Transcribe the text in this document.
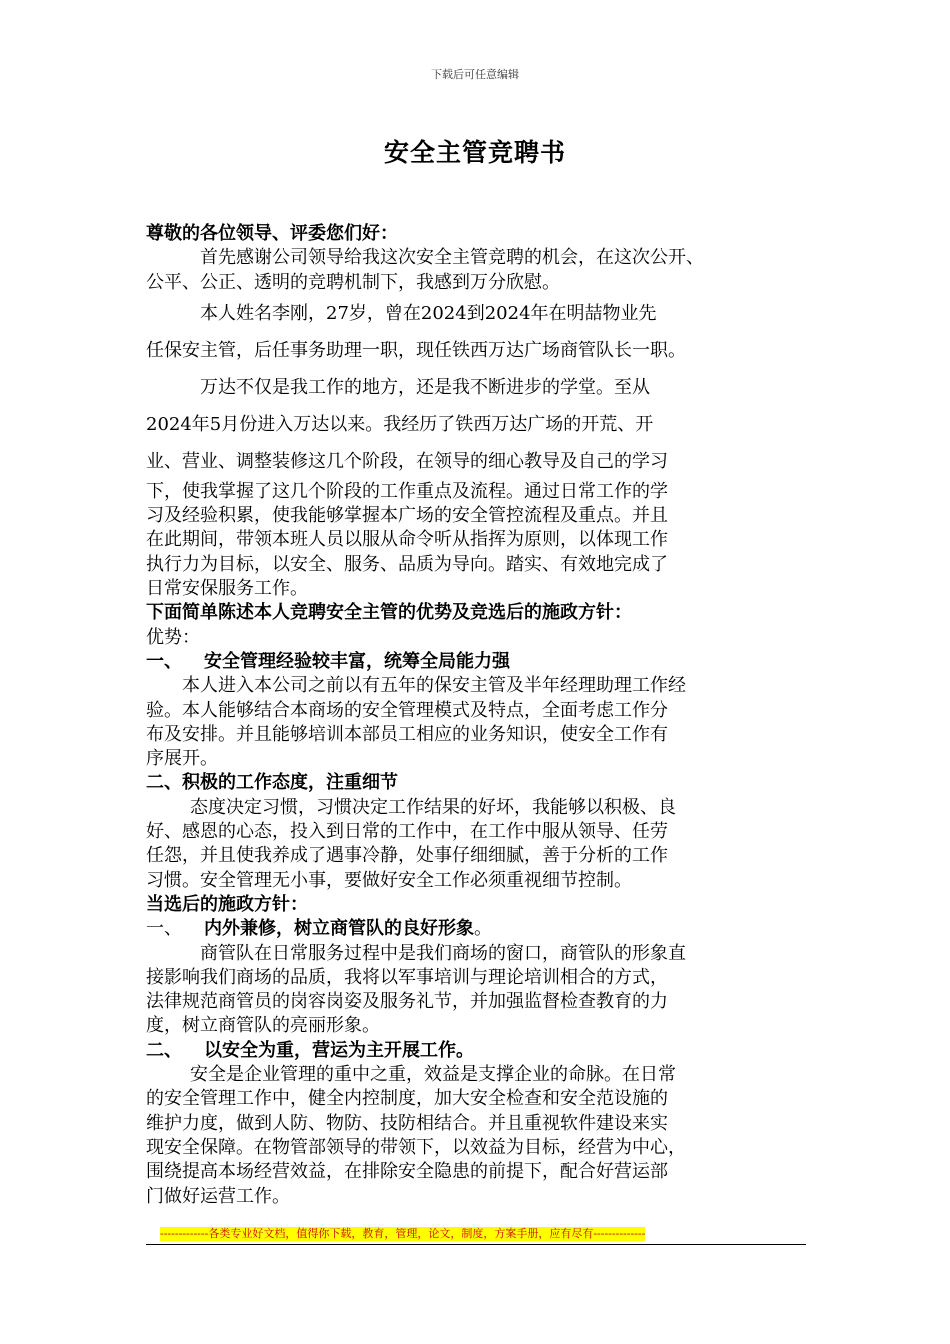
下载后可任意编辑
安全主管竞聘书
尊敬的各位领导、评委您们好：
首先感谢公司领导给我这次安全主管竞聘的机会，在这次公开、
公平、公正、透明的竞聘机制下，我感到万分欣慰。
本人姓名李刚，27岁，曾在2024到2024年在明喆物业先
任保安主管，后任事务助理一职，现任铁西万达广场商管队长一职。
万达不仅是我工作的地方，还是我不断进步的学堂。至从
2024年5月份进入万达以来。我经历了铁西万达广场的开荒、开
业、营业、调整装修这几个阶段，在领导的细心教导及自己的学习
下，使我掌握了这几个阶段的工作重点及流程。通过日常工作的学
习及经验积累，使我能够掌握本广场的安全管控流程及重点。并且
在此期间，带领本班人员以服从命令听从指挥为原则，以体现工作
执行力为目标，以安全、服务、品质为导向。踏实、有效地完成了
日常安保服务工作。
下面简单陈述本人竞聘安全主管的优势及竞选后的施政方针：
优势：
一、 安全管理经验较丰富，统筹全局能力强
本人进入本公司之前以有五年的保安主管及半年经理助理工作经
验。本人能够结合本商场的安全管理模式及特点，全面考虑工作分
布及安排。并且能够培训本部员工相应的业务知识，使安全工作有
序展开。
二、积极的工作态度，注重细节
态度决定习惯，习惯决定工作结果的好坏，我能够以积极、良
好、感恩的心态，投入到日常的工作中，在工作中服从领导、任劳
任怨，并且使我养成了遇事冷静，处事仔细细腻，善于分析的工作
习惯。安全管理无小事，要做好安全工作必须重视细节控制。
当选后的施政方针：
一、 内外兼修，树立商管队的良好形象。
商管队在日常服务过程中是我们商场的窗口，商管队的形象直
接影响我们商场的品质，我将以军事培训与理论培训相合的方式，
法律规范商管员的岗容岗姿及服务礼节，并加强监督检查教育的力
度，树立商管队的亮丽形象。
二、 以安全为重，营运为主开展工作。
安全是企业管理的重中之重，效益是支撑企业的命脉。在日常
的安全管理工作中，健全内控制度，加大安全检查和安全范设施的
维护力度，做到人防、物防、技防相结合。并且重视软件建设来实
现安全保障。在物管部领导的带领下，以效益为目标，经营为中心，
围绕提高本场经营效益，在排除安全隐患的前提下，配合好营运部
门做好运营工作。
-------------各类专业好文档，值得你下载，教育，管理，论文，制度，方案手册，应有尽有--------------
